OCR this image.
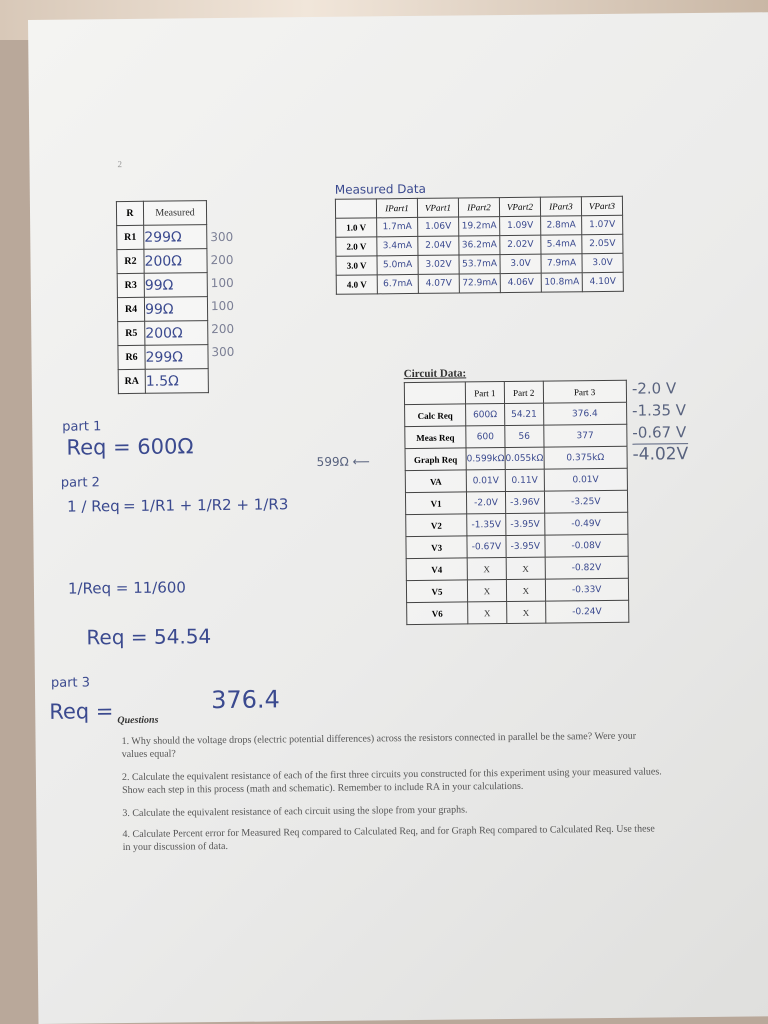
2
R	Measured
R1	299Ω
R2	200Ω
R3	99Ω
R4	99Ω
R5	200Ω
R6	299Ω
RA	1.5Ω
300
200
100
100
200
300
Measured Data
	IPart1	VPart1	IPart2	VPart2	IPart3	VPart3
1.0 V	1.7mA	1.06V	19.2mA	1.09V	2.8mA	1.07V
2.0 V	3.4mA	2.04V	36.2mA	2.02V	5.4mA	2.05V
3.0 V	5.0mA	3.02V	53.7mA	3.0V	7.9mA	3.0V
4.0 V	6.7mA	4.07V	72.9mA	4.06V	10.8mA	4.10V
Circuit Data:
	Part 1	Part 2	Part 3
Calc Req	600Ω	54.21	376.4
Meas Req	600	56	377
Graph Req	0.599kΩ	0.055kΩ	0.375kΩ
VA	0.01V	0.11V	0.01V
V1	-2.0V	-3.96V	-3.25V
V2	-1.35V	-3.95V	-0.49V
V3	-0.67V	-3.95V	-0.08V
V4	X	X	-0.82V
V5	X	X	-0.33V
V6	X	X	-0.24V
-2.0 V
-1.35 V
-0.67 V
-4.02V
599Ω ⟵
part 1
Req = 600Ω
part 2
1 / Req = 1/R1 + 1/R2 + 1/R3
1/Req = 11/600
Req = 54.54
part 3
Req =	376.4
Questions
1. Why should the voltage drops (electric potential differences) across the resistors connected in parallel be the same? Were your values equal?
2. Calculate the equivalent resistance of each of the first three circuits you constructed for this experiment using your measured values. Show each step in this process (math and schematic). Remember to include RA in your calculations.
3. Calculate the equivalent resistance of each circuit using the slope from your graphs.
4. Calculate Percent error for Measured Req compared to Calculated Req, and for Graph Req compared to Calculated Req. Use these in your discussion of data.
